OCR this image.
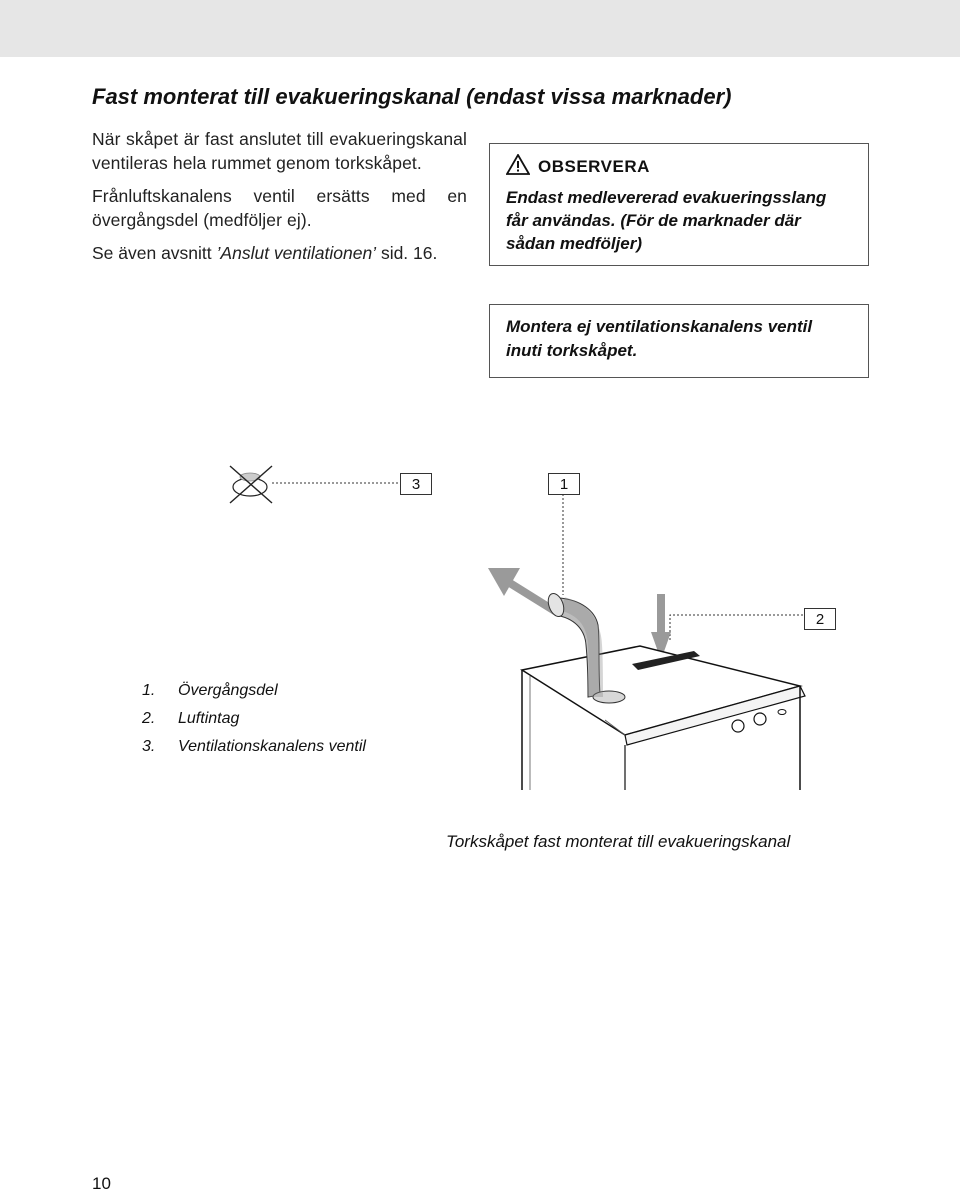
Fast monterat till evakueringskanal (endast vissa marknader)

När skåpet är fast anslutet till evakueringskanal ventileras hela rummet genom torkskåpet.

Frånluftskanalens ventil ersätts med en övergångsdel (medföljer ej).

Se även avsnitt ’Anslut ventilationen’ sid. 16.

OBSERVERA
Endast medlevererad evakueringsslang får användas. (För de marknader där sådan medföljer)
Montera ej ventilationskanalens ventil inuti torkskåpet.
3	1
2
1. Övergångsdel
2. Luftintag
3. Ventilationskanalens ventil
Torkskåpet fast monterat till evakueringskanal
10
